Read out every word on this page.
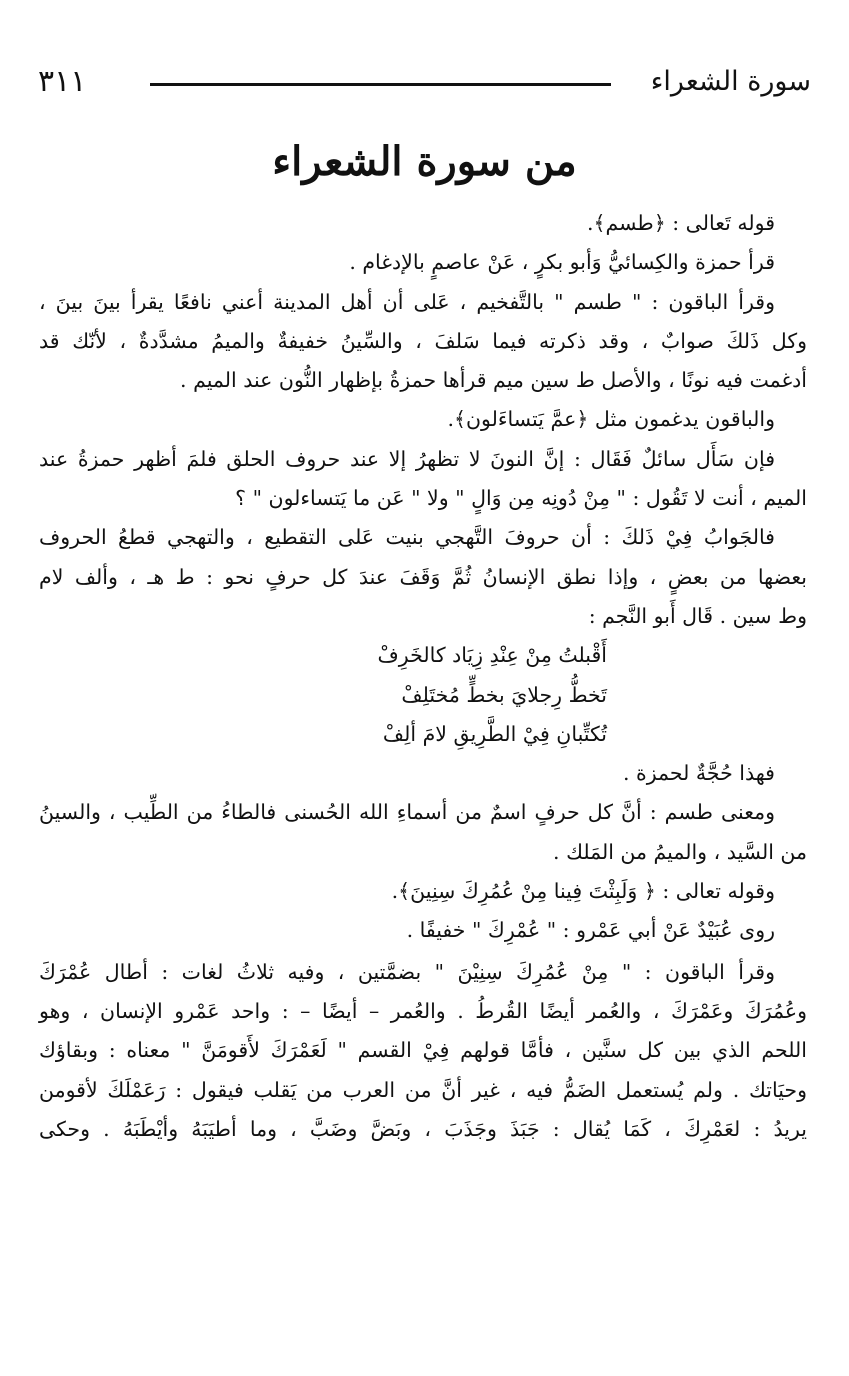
سورة الشعراء
٣١١
من سورة الشعراء
قوله تَعالى : ﴿طسم﴾.
قرأ حمزة والكِسائيُّ وَأبو بكرٍ ، عَنْ عاصمٍ بالإدغام .
وقرأ الباقون : " طسم " بالتَّفخيم ، عَلى أن أهل المدينة أعني نافعًا يقرأ بينَ بينَ ،
وكل ذَلكَ صوابٌ ، وقد ذكرته فيما سَلفَ ، والسِّينُ خفيفةٌ والميمُ مشدَّدةٌ ، لأنّك قد
أدغمت فيه نونًا ، والأصل ط سين ميم قرأها حمزةُ بإظهار النُّون عند الميم .
والباقون يدغمون مثل ﴿عمَّ يَتساءَلون﴾.
فإن سَأَل سائلٌ فَقَال : إنَّ النونَ لا تظهرُ إلا عند حروف الحلق فلمَ أظهر حمزةُ عند
الميم ، أنت لا تَقُول : " مِنْ دُونِه مِن وَالٍ " ولا " عَن ما يَتساءلون " ؟
فالجَوابُ فِيْ ذَلكَ : أن حروفَ التَّهجي بنيت عَلى التقطيع ، والتهجي قطعُ الحروف
بعضها من بعضٍ ، وإذا نطق الإنسانُ ثُمَّ وَقَفَ عندَ كل حرفٍ نحو : ط هـ ، وألف لام
وط سين . قَال أَبو النَّجم :
أَقْبلتُ مِنْ عِنْدِ زِيَاد كالخَرِفْ
تَخطُّ رِجلايَ بخطٍّ مُختَلِفْ
تُكتِّبانِ فِيْ الطَّرِيقِ لامَ ألِفْ
فهذا حُجَّةٌ لحمزة .
ومعنى طسم : أنَّ كل حرفٍ اسمٌ من أسماءِ الله الحُسنى فالطاءُ من الطِّيب ، والسينُ
من السَّيد ، والميمُ من المَلك .
وقوله تعالى : ﴿ وَلَبِثْتَ فِينا مِنْ عُمُرِكَ سِنِينَ﴾.
روى عُبَيْدٌ عَنْ أبي عَمْرو : " عُمْرِكَ " خفيفًا .
وقرأ الباقون : " مِنْ عُمُرِكَ سِنِيْنَ " بضمَّتين ، وفيه ثلاثُ لغات : أطال عُمْرَكَ
وعُمُرَكَ وعَمْرَكَ ، والعُمر أيضًا القُرطُ . والعُمر – أيضًا – : واحد عَمْرو الإنسان ، وهو
اللحم الذي بين كل سنَّين ، فأمَّا قولهم فِيْ القسم " لَعَمْرَكَ لأَقومَنَّ " معناه : وبقاؤك
وحيَاتك . ولم يُستعمل الضَمُّ فيه ، غير أنَّ من العرب من يَقلب فيقول : رَعَمْلَكَ لأقومن
يريدُ : لعَمْرِكَ ، كَمَا يُقال : جَبَذَ وجَذَبَ ، وبَضَّ وضَبَّ ، وما أطيَبَهُ وأيْطَبَهُ . وحكى
